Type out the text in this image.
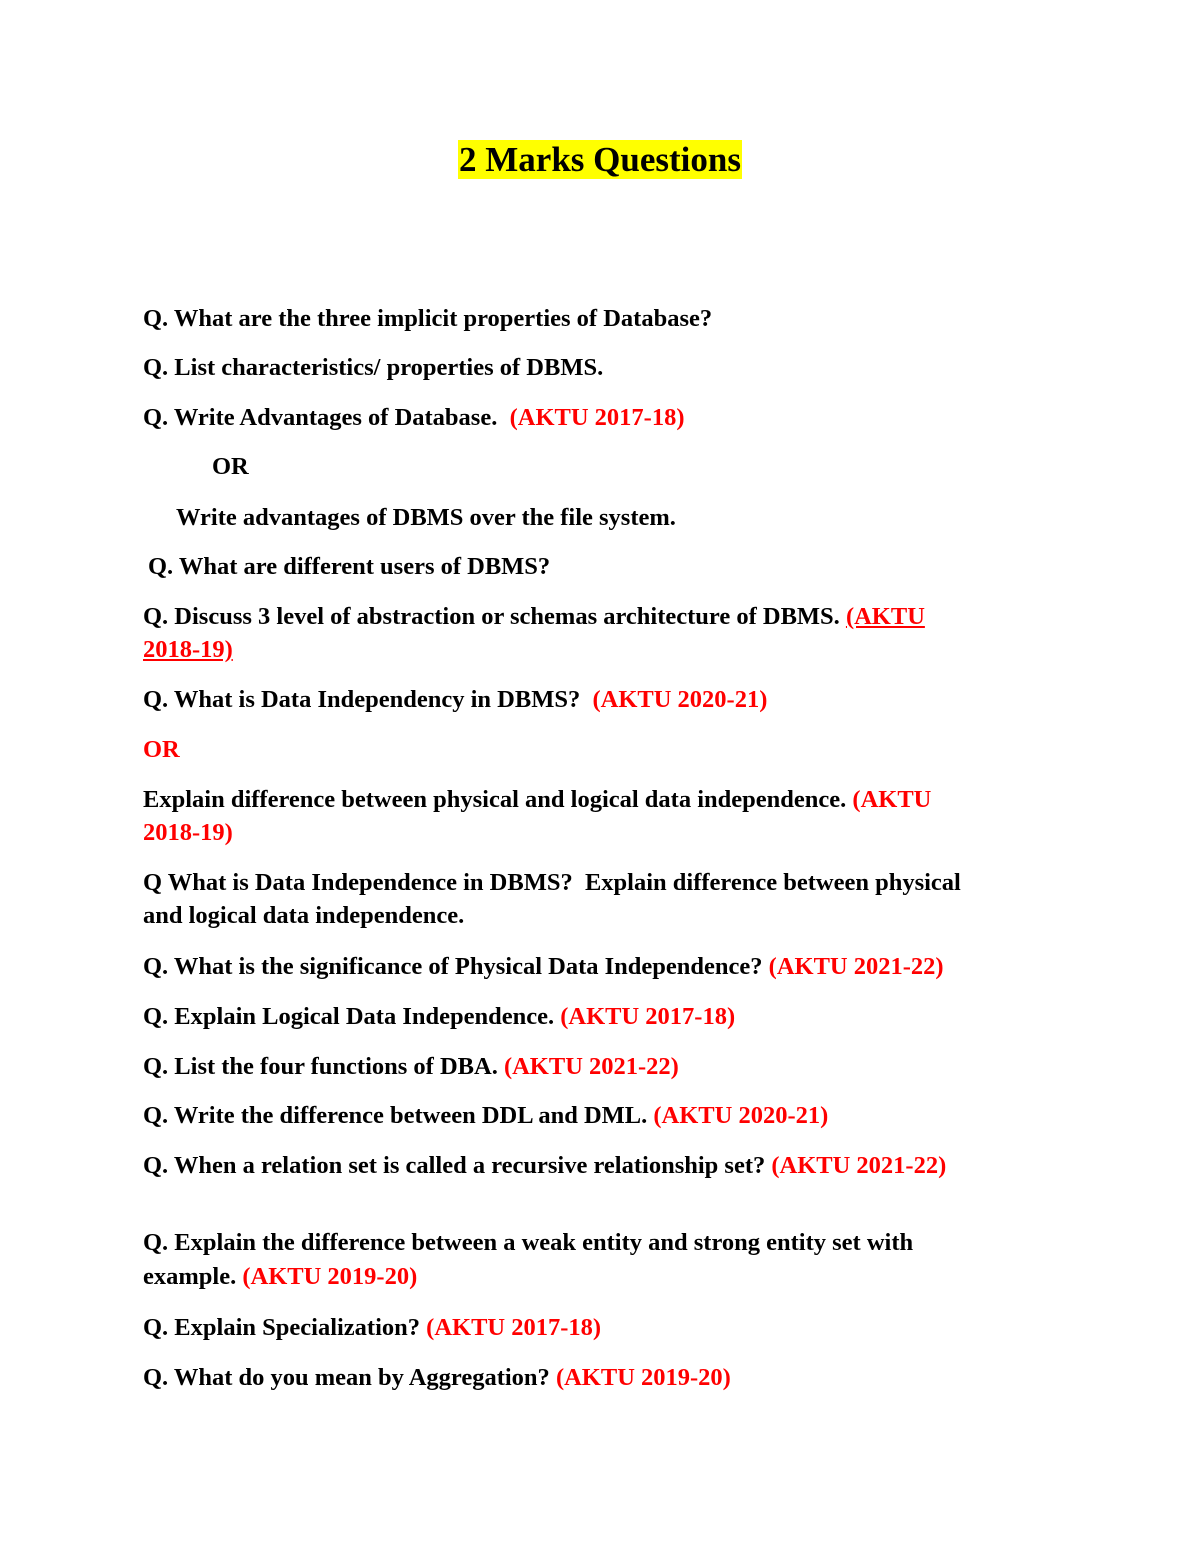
2 Marks Questions
Q. What are the three implicit properties of Database?
Q. List characteristics/ properties of DBMS.
Q. Write Advantages of Database. (AKTU 2017-18)
OR
Write advantages of DBMS over the file system.
Q. What are different users of DBMS?
Q. Discuss 3 level of abstraction or schemas architecture of DBMS. (AKTU
2018-19)
Q. What is Data Independency in DBMS? (AKTU 2020-21)
OR
Explain difference between physical and logical data independence. (AKTU
2018-19)
Q What is Data Independence in DBMS?  Explain difference between physical
and logical data independence.
Q. What is the significance of Physical Data Independence? (AKTU 2021-22)
Q. Explain Logical Data Independence. (AKTU 2017-18)
Q. List the four functions of DBA. (AKTU 2021-22)
Q. Write the difference between DDL and DML. (AKTU 2020-21)
Q. When a relation set is called a recursive relationship set? (AKTU 2021-22)
Q. Explain the difference between a weak entity and strong entity set with
example. (AKTU 2019-20)
Q. Explain Specialization? (AKTU 2017-18)
Q. What do you mean by Aggregation? (AKTU 2019-20)
